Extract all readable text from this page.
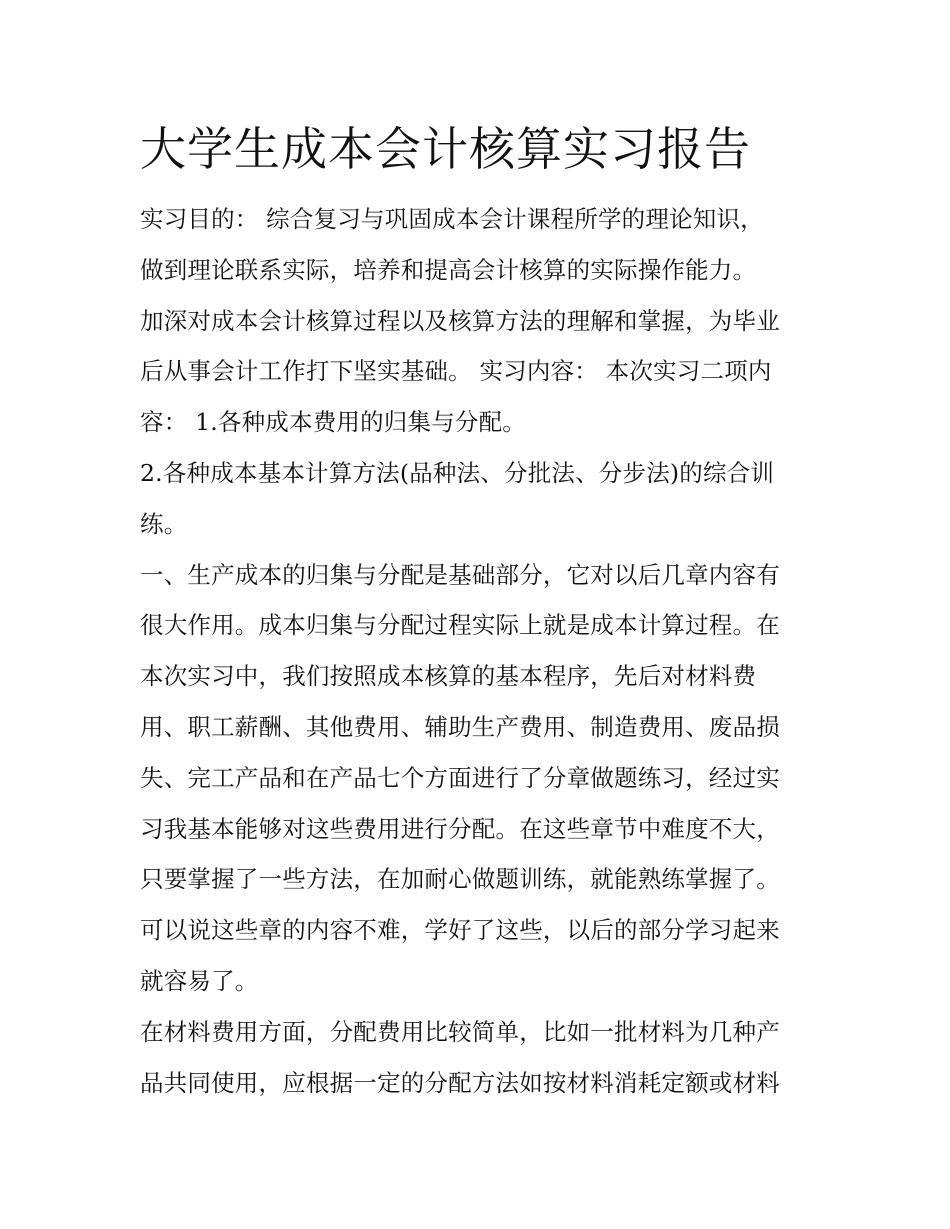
大学生成本会计核算实习报告
实习目的： 综合复习与巩固成本会计课程所学的理论知识，
做到理论联系实际，培养和提高会计核算的实际操作能力。
加深对成本会计核算过程以及核算方法的理解和掌握，为毕业
后从事会计工作打下坚实基础。 实习内容： 本次实习二项内
容： 1.各种成本费用的归集与分配。
2.各种成本基本计算方法(品种法、分批法、分步法)的综合训
练。
一、生产成本的归集与分配是基础部分，它对以后几章内容有
很大作用。成本归集与分配过程实际上就是成本计算过程。在
本次实习中，我们按照成本核算的基本程序，先后对材料费
用、职工薪酬、其他费用、辅助生产费用、制造费用、废品损
失、完工产品和在产品七个方面进行了分章做题练习，经过实
习我基本能够对这些费用进行分配。在这些章节中难度不大，
只要掌握了一些方法，在加耐心做题训练，就能熟练掌握了。
可以说这些章的内容不难，学好了这些，以后的部分学习起来
就容易了。
在材料费用方面，分配费用比较简单，比如一批材料为几种产
品共同使用，应根据一定的分配方法如按材料消耗定额或材料
